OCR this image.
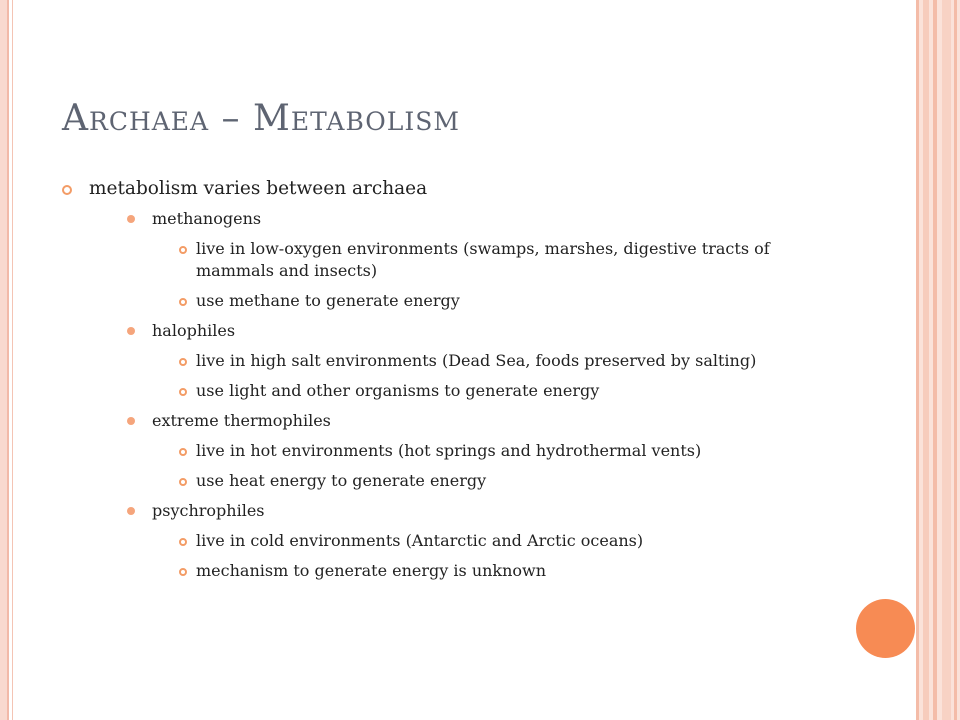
Archaea – Metabolism
metabolism varies between archaea
methanogens
live in low-oxygen environments (swamps, marshes, digestive tracts of mammals and insects)
use methane to generate energy
halophiles
live in high salt environments (Dead Sea, foods preserved by salting)
use light and other organisms to generate energy
extreme thermophiles
live in hot environments (hot springs and hydrothermal vents)
use heat energy to generate energy
psychrophiles
live in cold environments (Antarctic and Arctic oceans)
mechanism to generate energy is unknown
